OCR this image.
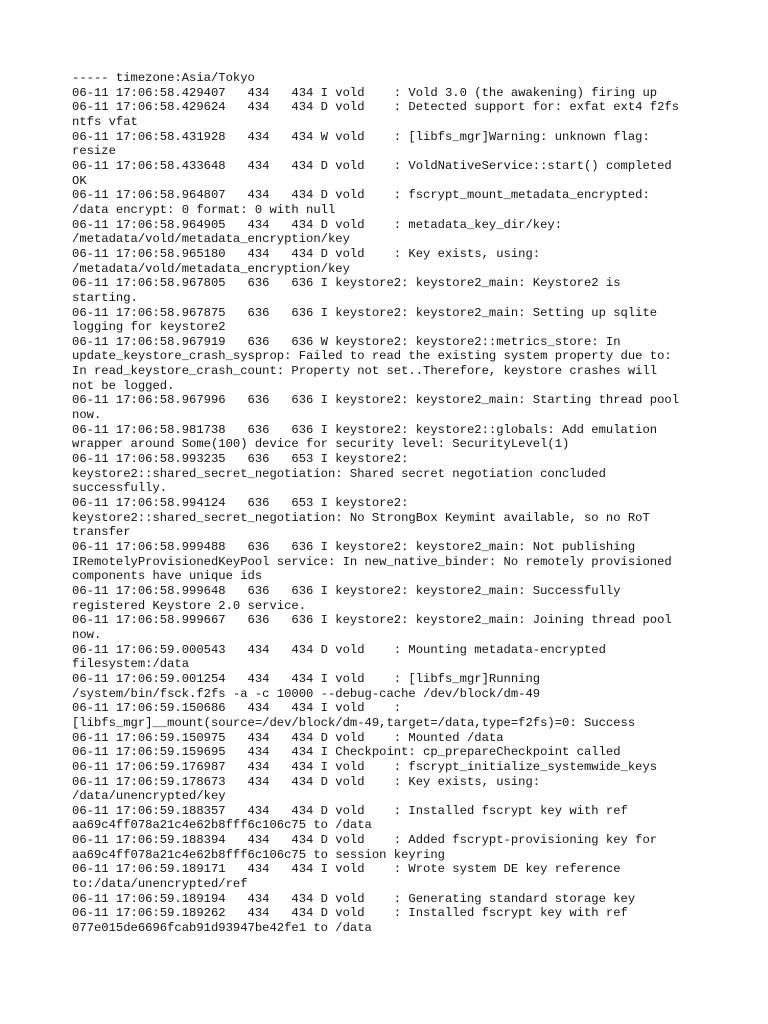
----- timezone:Asia/Tokyo
06-11 17:06:58.429407   434   434 I vold    : Vold 3.0 (the awakening) firing up
06-11 17:06:58.429624   434   434 D vold    : Detected support for: exfat ext4 f2fs
ntfs vfat
06-11 17:06:58.431928   434   434 W vold    : [libfs_mgr]Warning: unknown flag:
resize
06-11 17:06:58.433648   434   434 D vold    : VoldNativeService::start() completed
OK
06-11 17:06:58.964807   434   434 D vold    : fscrypt_mount_metadata_encrypted:
/data encrypt: 0 format: 0 with null
06-11 17:06:58.964905   434   434 D vold    : metadata_key_dir/key:
/metadata/vold/metadata_encryption/key
06-11 17:06:58.965180   434   434 D vold    : Key exists, using:
/metadata/vold/metadata_encryption/key
06-11 17:06:58.967805   636   636 I keystore2: keystore2_main: Keystore2 is
starting.
06-11 17:06:58.967875   636   636 I keystore2: keystore2_main: Setting up sqlite
logging for keystore2
06-11 17:06:58.967919   636   636 W keystore2: keystore2::metrics_store: In
update_keystore_crash_sysprop: Failed to read the existing system property due to:
In read_keystore_crash_count: Property not set..Therefore, keystore crashes will
not be logged.
06-11 17:06:58.967996   636   636 I keystore2: keystore2_main: Starting thread pool
now.
06-11 17:06:58.981738   636   636 I keystore2: keystore2::globals: Add emulation
wrapper around Some(100) device for security level: SecurityLevel(1)
06-11 17:06:58.993235   636   653 I keystore2:
keystore2::shared_secret_negotiation: Shared secret negotiation concluded
successfully.
06-11 17:06:58.994124   636   653 I keystore2:
keystore2::shared_secret_negotiation: No StrongBox Keymint available, so no RoT
transfer
06-11 17:06:58.999488   636   636 I keystore2: keystore2_main: Not publishing
IRemotelyProvisionedKeyPool service: In new_native_binder: No remotely provisioned
components have unique ids
06-11 17:06:58.999648   636   636 I keystore2: keystore2_main: Successfully
registered Keystore 2.0 service.
06-11 17:06:58.999667   636   636 I keystore2: keystore2_main: Joining thread pool
now.
06-11 17:06:59.000543   434   434 D vold    : Mounting metadata-encrypted
filesystem:/data
06-11 17:06:59.001254   434   434 I vold    : [libfs_mgr]Running
/system/bin/fsck.f2fs -a -c 10000 --debug-cache /dev/block/dm-49
06-11 17:06:59.150686   434   434 I vold    :
[libfs_mgr]__mount(source=/dev/block/dm-49,target=/data,type=f2fs)=0: Success
06-11 17:06:59.150975   434   434 D vold    : Mounted /data
06-11 17:06:59.159695   434   434 I Checkpoint: cp_prepareCheckpoint called
06-11 17:06:59.176987   434   434 I vold    : fscrypt_initialize_systemwide_keys
06-11 17:06:59.178673   434   434 D vold    : Key exists, using:
/data/unencrypted/key
06-11 17:06:59.188357   434   434 D vold    : Installed fscrypt key with ref
aa69c4ff078a21c4e62b8fff6c106c75 to /data
06-11 17:06:59.188394   434   434 D vold    : Added fscrypt-provisioning key for
aa69c4ff078a21c4e62b8fff6c106c75 to session keyring
06-11 17:06:59.189171   434   434 I vold    : Wrote system DE key reference
to:/data/unencrypted/ref
06-11 17:06:59.189194   434   434 D vold    : Generating standard storage key
06-11 17:06:59.189262   434   434 D vold    : Installed fscrypt key with ref
077e015de6696fcab91d93947be42fe1 to /data
